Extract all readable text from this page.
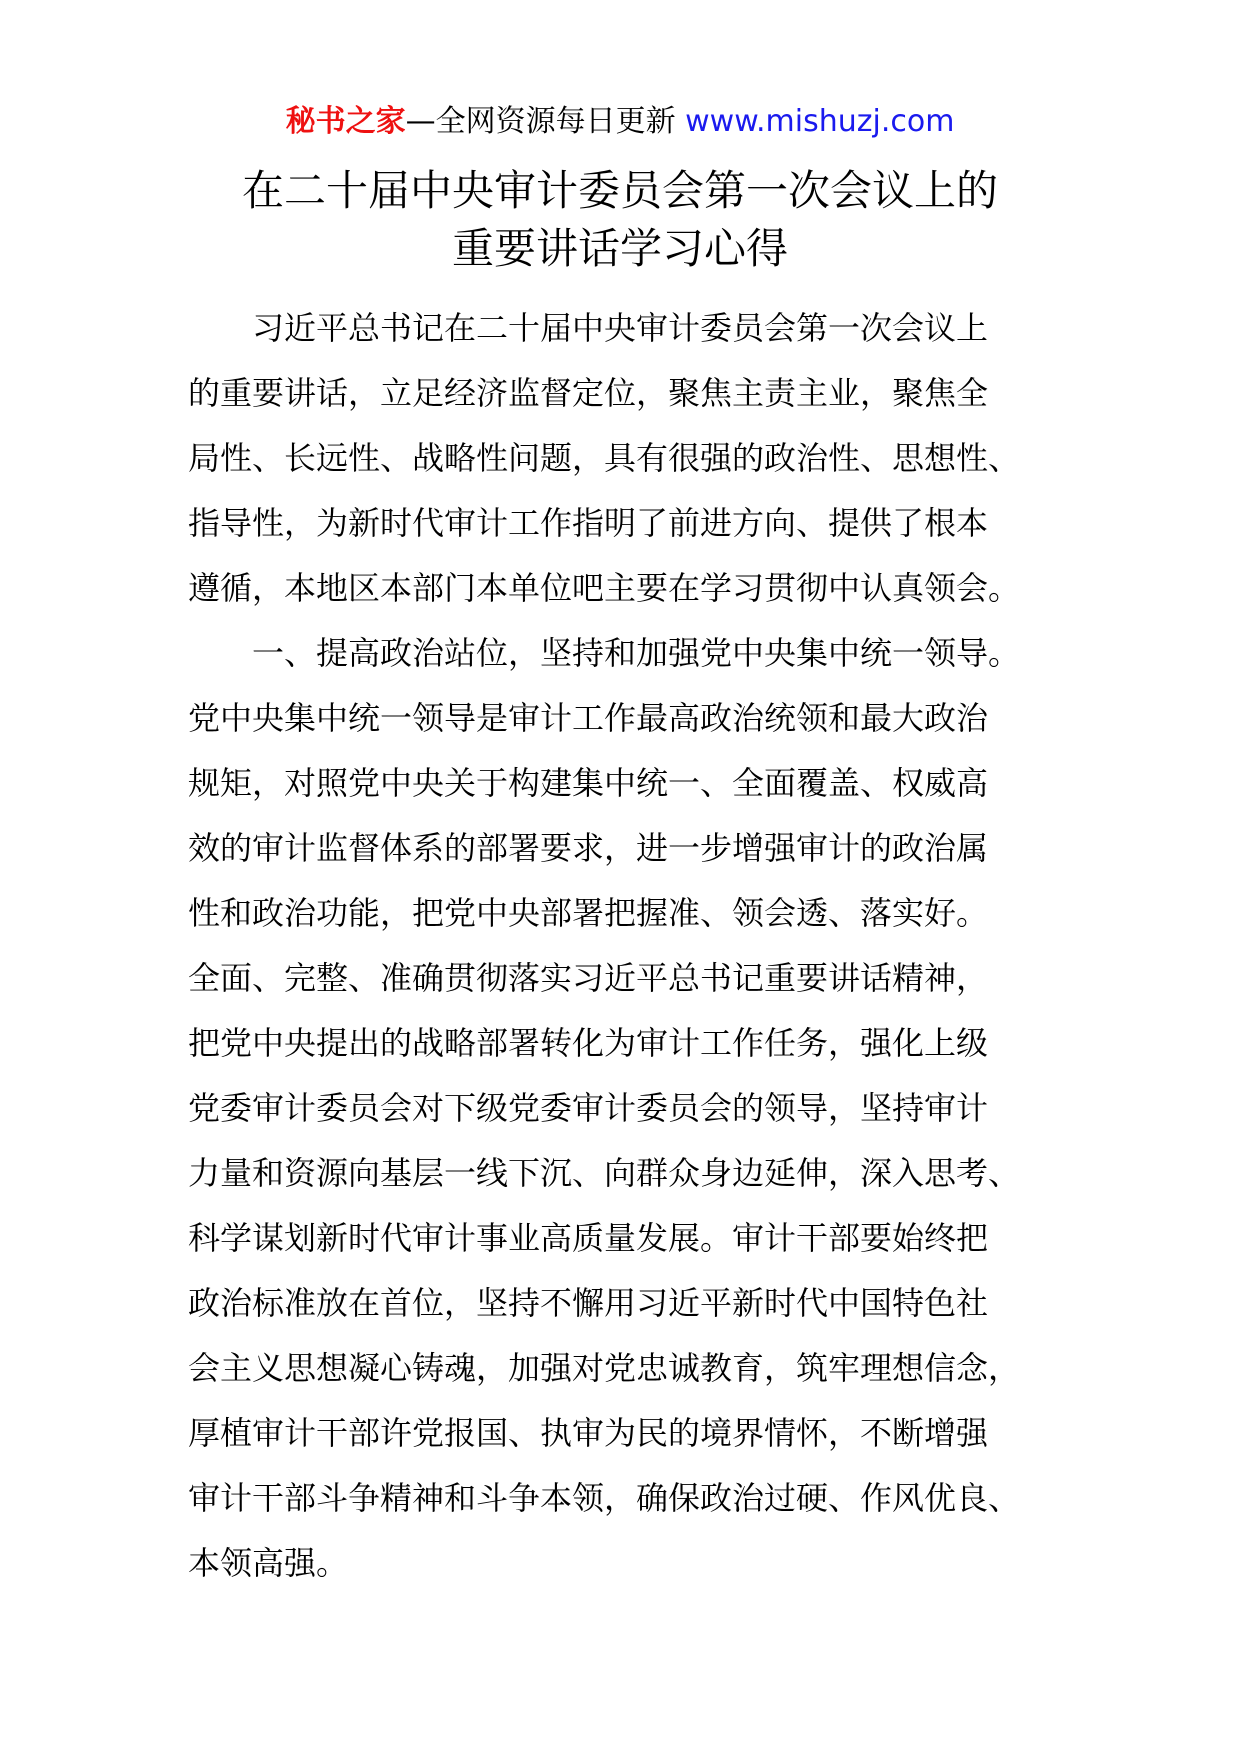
秘书之家—全网资源每日更新 www.mishuzj.com
在二十届中央审计委员会第一次会议上的
重要讲话学习心得
习近平总书记在二十届中央审计委员会第一次会议上
的重要讲话，立足经济监督定位，聚焦主责主业，聚焦全
局性、长远性、战略性问题，具有很强的政治性、思想性、
指导性，为新时代审计工作指明了前进方向、提供了根本
遵循，本地区本部门本单位吧主要在学习贯彻中认真领会。
一、提高政治站位，坚持和加强党中央集中统一领导。
党中央集中统一领导是审计工作最高政治统领和最大政治
规矩，对照党中央关于构建集中统一、全面覆盖、权威高
效的审计监督体系的部署要求，进一步增强审计的政治属
性和政治功能，把党中央部署把握准、领会透、落实好。
全面、完整、准确贯彻落实习近平总书记重要讲话精神，
把党中央提出的战略部署转化为审计工作任务，强化上级
党委审计委员会对下级党委审计委员会的领导，坚持审计
力量和资源向基层一线下沉、向群众身边延伸，深入思考、
科学谋划新时代审计事业高质量发展。审计干部要始终把
政治标准放在首位，坚持不懈用习近平新时代中国特色社
会主义思想凝心铸魂，加强对党忠诚教育，筑牢理想信念，
厚植审计干部许党报国、执审为民的境界情怀，不断增强
审计干部斗争精神和斗争本领，确保政治过硬、作风优良、
本领高强。
